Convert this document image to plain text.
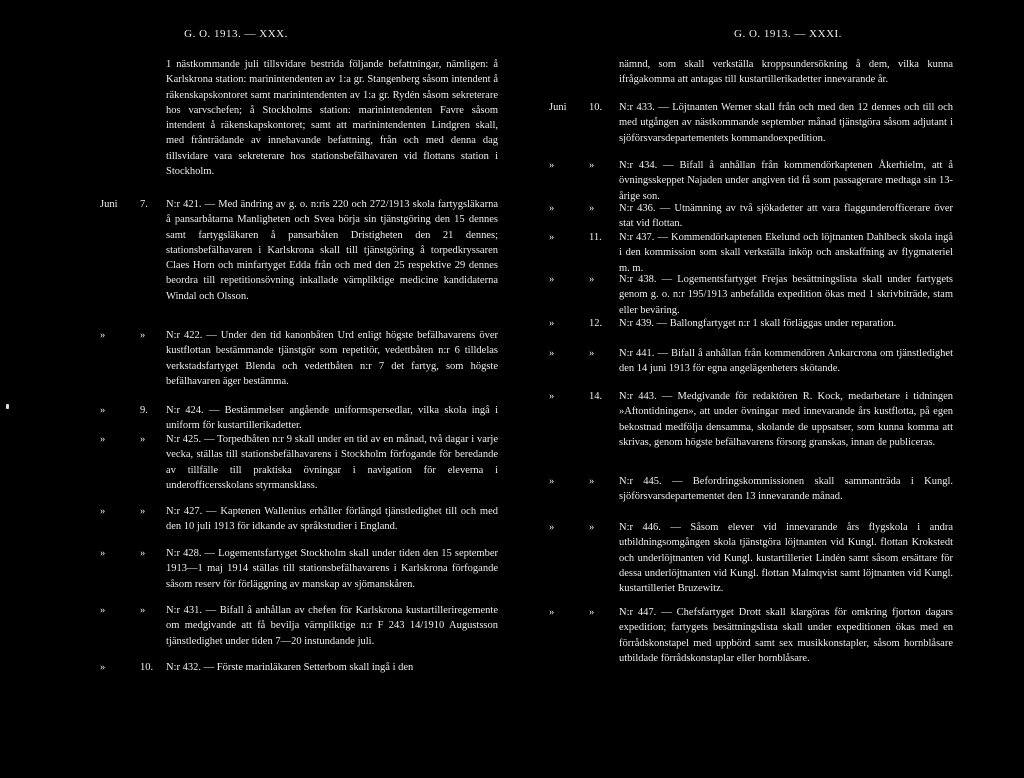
G. O. 1913. — XXX.
1 nästkommande juli tillsvidare bestrida följande befattningar, nämligen: å Karlskrona station: marinintendenten av 1:a gr. Stangenberg såsom intendent å räkenskapskontoret samt marinintendenten av 1:a gr. Rydén såsom sekreterare hos varvschefen; å Stockholms station: marinintendenten Favre såsom intendent å räkenskapskontoret; samt att marinintendenten Lindgren skall, med frånträdande av innehavande befattning, från och med denna dag tillsvidare vara sekreterare hos stationsbefälhavaren vid flottans station i Stockholm.
Juni 7. N:r 421. — Med ändring av g. o. n:ris 220 och 272/1913 skola fartygsläkarna å pansarbåtarna Manligheten och Svea börja sin tjänstgöring den 15 dennes samt fartygsläkaren å pansarbåten Dristigheten den 21 dennes; stationsbefälhavaren i Karlskrona skall till tjänstgöring å torpedkryssaren Claes Horn och minfartyget Edda från och med den 25 respektive 29 dennes beordra till repetitionsövning inkallade värnpliktige medicine kandidaterna Windal och Olsson.
»	» N:r 422. — Under den tid kanonbåten Urd enligt högste befälhavarens över kustflottan bestämmande tjänstgör som repetitör, vedettbåten n:r 6 tilldelas verkstadsfartyget Blenda och vedettbåten n:r 7 det fartyg, som högste befälhavaren äger bestämma.
»	9. N:r 424. — Bestämmelser angående uniformspersedlar, vilka skola ingå i uniform för kustartillerikadetter.
»	» N:r 425. — Torpedbåten n:r 9 skall under en tid av en månad, två dagar i varje vecka, ställas till stationsbefälhavarens i Stockholm förfogande för beredande av tillfälle till praktiska övningar i navigation för eleverna i underofficersskolans styrmansklass.
»	» N:r 427. — Kaptenen Wallenius erhåller förlängd tjänstledighet till och med den 10 juli 1913 för idkande av språkstudier i England.
»	» N:r 428. — Logementsfartyget Stockholm skall under tiden den 15 september 1913—1 maj 1914 ställas till stationsbefälhavarens i Karlskrona förfogande såsom reserv för förläggning av manskap av sjömanskåren.
»	» N:r 431. — Bifall å anhållan av chefen för Karlskrona kustartilleriregemente om medgivande att få bevilja värnpliktige n:r F 243 14/1910 Augustsson tjänstledighet under tiden 7—20 instundande juli.
»	10. N:r 432. — Förste marinläkaren Setterbom skall ingå i den
G. O. 1913. — XXXI.
nämnd, som skall verkställa kroppsundersökning å dem, vilka kunna ifrågakomma att antagas till kustartillerikadetter innevarande år.
Juni 10. N:r 433. — Löjtnanten Werner skall från och med den 12 dennes och till och med utgången av nästkommande september månad tjänstgöra såsom adjutant i sjöförsvarsdepartementets kommandoexpedition.
»	» N:r 434. — Bifall å anhållan från kommendörkaptenen Åkerhielm, att å övningsskeppet Najaden under angiven tid få som passagerare medtaga sin 13-årige son.
»	» N:r 436. — Utnämning av två sjökadetter att vara flaggunderofficerare över stat vid flottan.
»	11. N:r 437. — Kommendörkaptenen Ekelund och löjtnanten Dahlbeck skola ingå i den kommission som skall verkställa inköp och anskaffning av flygmateriel m. m.
»	» N:r 438. — Logementsfartyget Frejas besättningslista skall under fartygets genom g. o. n:r 195/1913 anbefallda expedition ökas med 1 skrivbiträde, stam eller beväring.
»	12. N:r 439. — Ballongfartyget n:r 1 skall förläggas under reparation.
»	» N:r 441. — Bifall å anhållan från kommendören Ankarcrona om tjänstledighet den 14 juni 1913 för egna angelägenheters skötande.
»	14. N:r 443. — Medgivande för redaktören R. Kock, medarbetare i tidningen »Aftontidningen», att under övningar med innevarande års kustflotta, på egen bekostnad medfölja densamma, skolande de uppsatser, som kunna komma att skrivas, genom högste befälhavarens försorg granskas, innan de publiceras.
»	» N:r 445. — Befordringskommissionen skall sammanträda i Kungl. sjöförsvarsdepartementet den 13 innevarande månad.
»	» N:r 446. — Såsom elever vid innevarande års flygskola i andra utbildningsomgången skola tjänstgöra löjtnanten vid Kungl. flottan Krokstedt och underlöjtnanten vid Kungl. kustartilleriet Lindén samt såsom ersättare för dessa underlöjtnanten vid Kungl. flottan Malmqvist samt löjtnanten vid Kungl. kustartilleriet Bruzewitz.
»	» N:r 447. — Chefsfartyget Drott skall klargöras för omkring fjorton dagars expedition; fartygets besättningslista skall under expeditionen ökas med en förrådskonstapel med uppbörd samt sex musikkonstapler, såsom hornblåsare utbildade förrådskonstaplar eller hornblåsare.
